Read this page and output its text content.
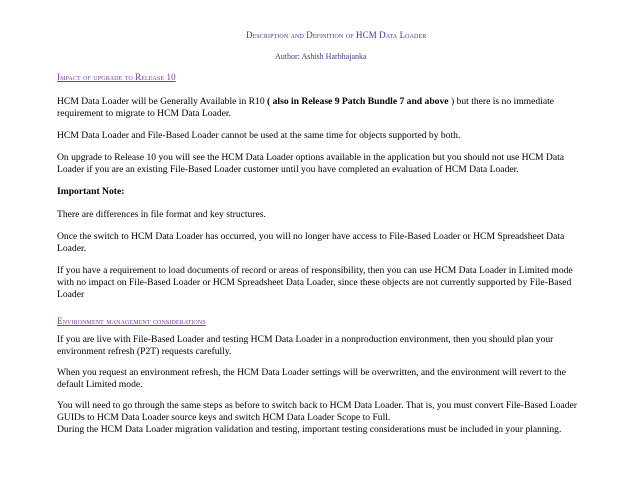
Description and Definition of HCM Data Loader
Author: Ashish Harbhajanka
Impact of upgrade to Release 10

HCM Data Loader will be Generally Available in R10 ( also in Release 9 Patch Bundle 7 and above ) but there is no immediate requirement to migrate to HCM Data Loader.

HCM Data Loader and File-Based Loader cannot be used at the same time for objects supported by both.

On upgrade to Release 10 you will see the HCM Data Loader options available in the application but you should not use HCM Data Loader if you are an existing File-Based Loader customer until you have completed an evaluation of HCM Data Loader.

Important Note:

There are differences in file format and key structures.

Once the switch to HCM Data Loader has occurred, you will no longer have access to File-Based Loader or HCM Spreadsheet Data Loader.

If you have a requirement to load documents of record or areas of responsibility, then you can use HCM Data Loader in Limited mode with no impact on File-Based Loader or HCM Spreadsheet Data Loader, since these objects are not currently supported by File-Based Loader

Environment management considerations

If you are live with File-Based Loader and testing HCM Data Loader in a nonproduction environment, then you should plan your environment refresh (P2T) requests carefully.

When you request an environment refresh, the HCM Data Loader settings will be overwritten, and the environment will revert to the default Limited mode.

You will need to go through the same steps as before to switch back to HCM Data Loader. That is, you must convert File-Based Loader GUIDs to HCM Data Loader source keys and switch HCM Data Loader Scope to Full.

During the HCM Data Loader migration validation and testing, important testing considerations must be included in your planning.
